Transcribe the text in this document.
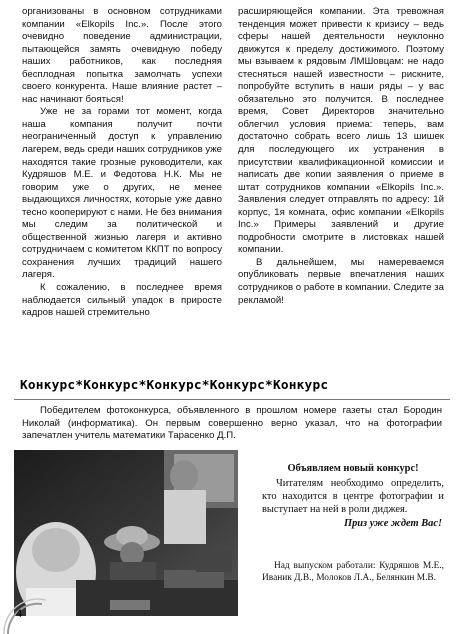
организованы в основном сотрудниками компании «Elkopils Inc.». После этого очевидно поведение администрации, пытающейся замять очевидную победу наших работников, как последняя бесплодная попытка замолчать успехи своего конкурента. Наше влияние растет – нас начинают бояться!

Уже не за горами тот момент, когда наша компания получит почти неограниченный доступ к управлению лагерем, ведь среди наших сотрудников уже находятся такие грозные руководители, как Кудряшов М.Е. и Федотова Н.К. Мы не говорим уже о других, не менее выдающихся личностях, которые уже давно тесно кооперируют с нами. Не без внимания мы следим за политической и общественной жизнью лагеря и активно сотрудничаем с комитетом ККПТ по вопросу сохранения лучших традиций нашего лагеря.

К сожалению, в последнее время наблюдается сильный упадок в приросте кадров нашей стремительно

расширяющейся компании. Эта тревожная тенденция может привести к кризису – ведь сферы нашей деятельности неуклонно движутся к пределу достижимого. Поэтому мы взываем к рядовым ЛМШовцам: не надо стесняться нашей известности – рискните, попробуйте вступить в наши ряды – у вас обязательно это получится. В последнее время, Совет Директоров значительно облегчил условия приема: теперь, вам достаточно собрать всего лишь 13 шишек для последующего их устранения в присутствии квалификационной комиссии и написать две копии заявления о приеме в штат сотрудников компании «Elkopils Inc.». Заявления следует отправлять по адресу: 1й корпус, 1я комната, офис компании «Elkopils Inc.» Примеры заявлений и другие подробности смотрите в листовках нашей компании.

В дальнейшем, мы намереваемся опубликовать первые впечатления наших сотрудников о работе в компании. Следите за рекламой!

Конкурс*Конкурс*Конкурс*Конкурс*Конкурс

Победителем фотоконкурса, объявленного в прошлом номере газеты стал Бородин Николай (информатика). Он первым совершенно верно указал, что на фотографии запечатлен учитель математики Тарасенко Д.П.

Объявляем новый конкурс!
Читателям необходимо определить, кто находится в центре фотографии и выступает на ней в роли диджея.
Приз уже ждет Вас!

Над выпуском работали: Кудряшов М.Е., Иваник Д.В., Молоков Л.А., Белянкин М.В.

4
